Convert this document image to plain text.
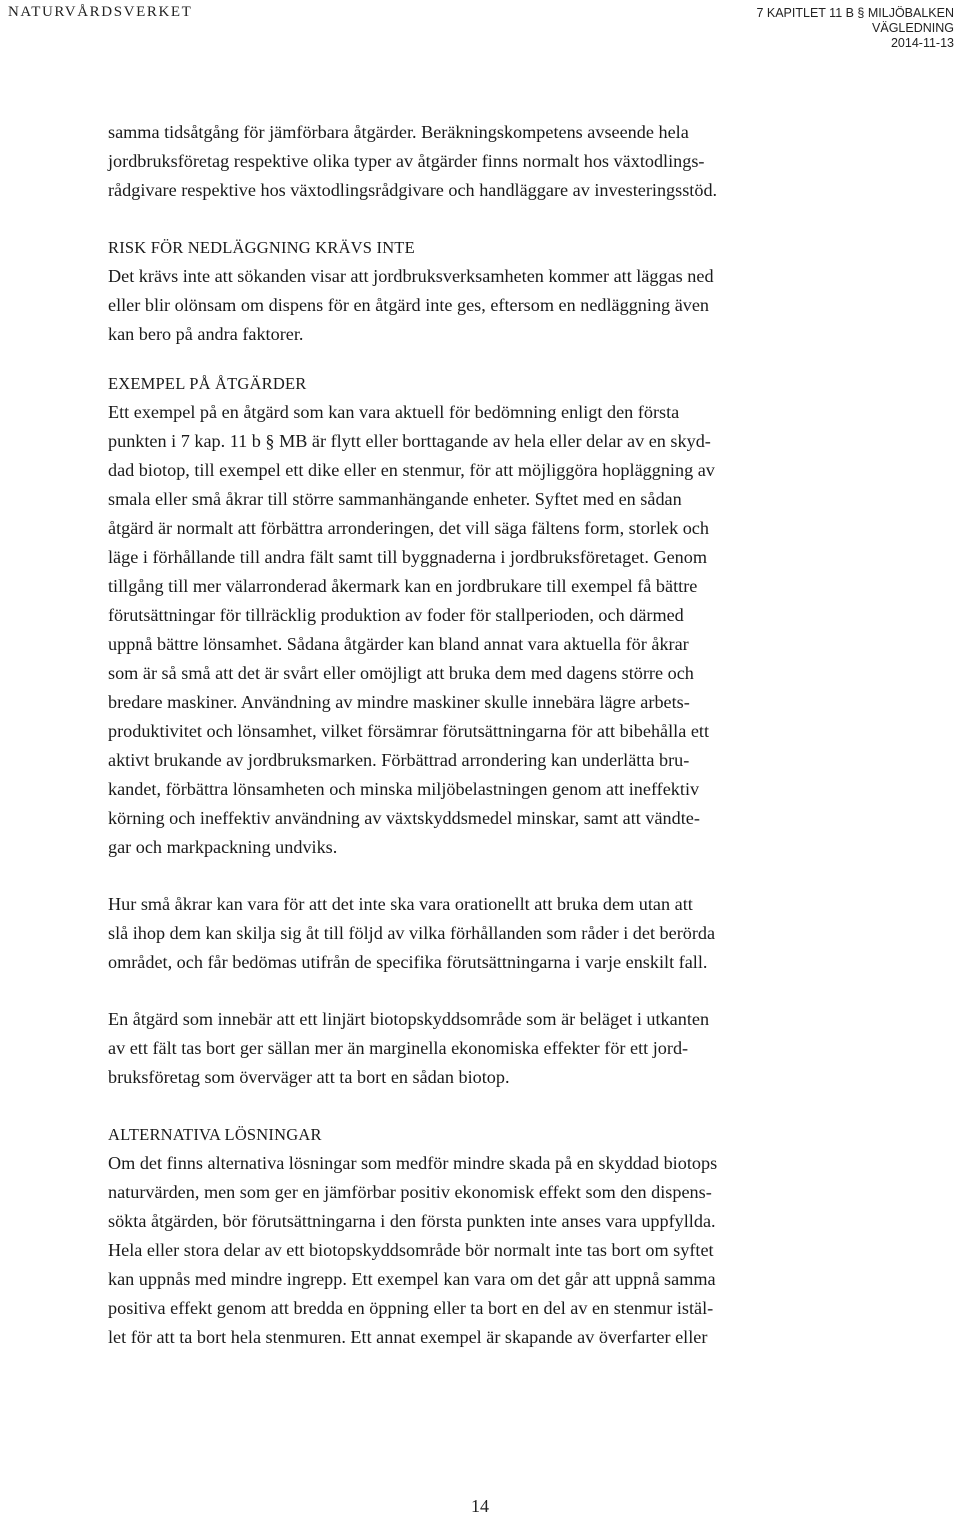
NATURVÅRDSVERKET	7 KAPITLET 11 B § MILJÖBALKEN
VÄGLEDNING
2014-11-13

samma tidsåtgång för jämförbara åtgärder. Beräkningskompetens avseende hela
jordbruksföretag respektive olika typer av åtgärder finns normalt hos växtodlings-
rådgivare respektive hos växtodlingsrådgivare och handläggare av investeringsstöd.

RISK FÖR NEDLÄGGNING KRÄVS INTE

Det krävs inte att sökanden visar att jordbruksverksamheten kommer att läggas ned
eller blir olönsam om dispens för en åtgärd inte ges, eftersom en nedläggning även
kan bero på andra faktorer.

EXEMPEL PÅ ÅTGÄRDER

Ett exempel på en åtgärd som kan vara aktuell för bedömning enligt den första
punkten i 7 kap. 11 b § MB är flytt eller borttagande av hela eller delar av en skyd-
dad biotop, till exempel ett dike eller en stenmur, för att möjliggöra hopläggning av
smala eller små åkrar till större sammanhängande enheter. Syftet med en sådan
åtgärd är normalt att förbättra arronderingen, det vill säga fältens form, storlek och
läge i förhållande till andra fält samt till byggnaderna i jordbruksföretaget. Genom
tillgång till mer välarronderad åkermark kan en jordbrukare till exempel få bättre
förutsättningar för tillräcklig produktion av foder för stallperioden, och därmed
uppnå bättre lönsamhet. Sådana åtgärder kan bland annat vara aktuella för åkrar
som är så små att det är svårt eller omöjligt att bruka dem med dagens större och
bredare maskiner. Användning av mindre maskiner skulle innebära lägre arbets-
produktivitet och lönsamhet, vilket försämrar förutsättningarna för att bibehålla ett
aktivt brukande av jordbruksmarken. Förbättrad arrondering kan underlätta bru-
kandet, förbättra lönsamheten och minska miljöbelastningen genom att ineffektiv
körning och ineffektiv användning av växtskyddsmedel minskar, samt att vändte-
gar och markpackning undviks.

Hur små åkrar kan vara för att det inte ska vara orationellt att bruka dem utan att
slå ihop dem kan skilja sig åt till följd av vilka förhållanden som råder i det berörda
området, och får bedömas utifrån de specifika förutsättningarna i varje enskilt fall.

En åtgärd som innebär att ett linjärt biotopskyddsområde som är beläget i utkanten
av ett fält tas bort ger sällan mer än marginella ekonomiska effekter för ett jord-
bruksföretag som överväger att ta bort en sådan biotop.

ALTERNATIVA LÖSNINGAR

Om det finns alternativa lösningar som medför mindre skada på en skyddad biotops
naturvärden, men som ger en jämförbar positiv ekonomisk effekt som den dispens-
sökta åtgärden, bör förutsättningarna i den första punkten inte anses vara uppfyllda.
Hela eller stora delar av ett biotopskyddsområde bör normalt inte tas bort om syftet
kan uppnås med mindre ingrepp. Ett exempel kan vara om det går att uppnå samma
positiva effekt genom att bredda en öppning eller ta bort en del av en stenmur istäl-
let för att ta bort hela stenmuren. Ett annat exempel är skapande av överfarter eller

14
